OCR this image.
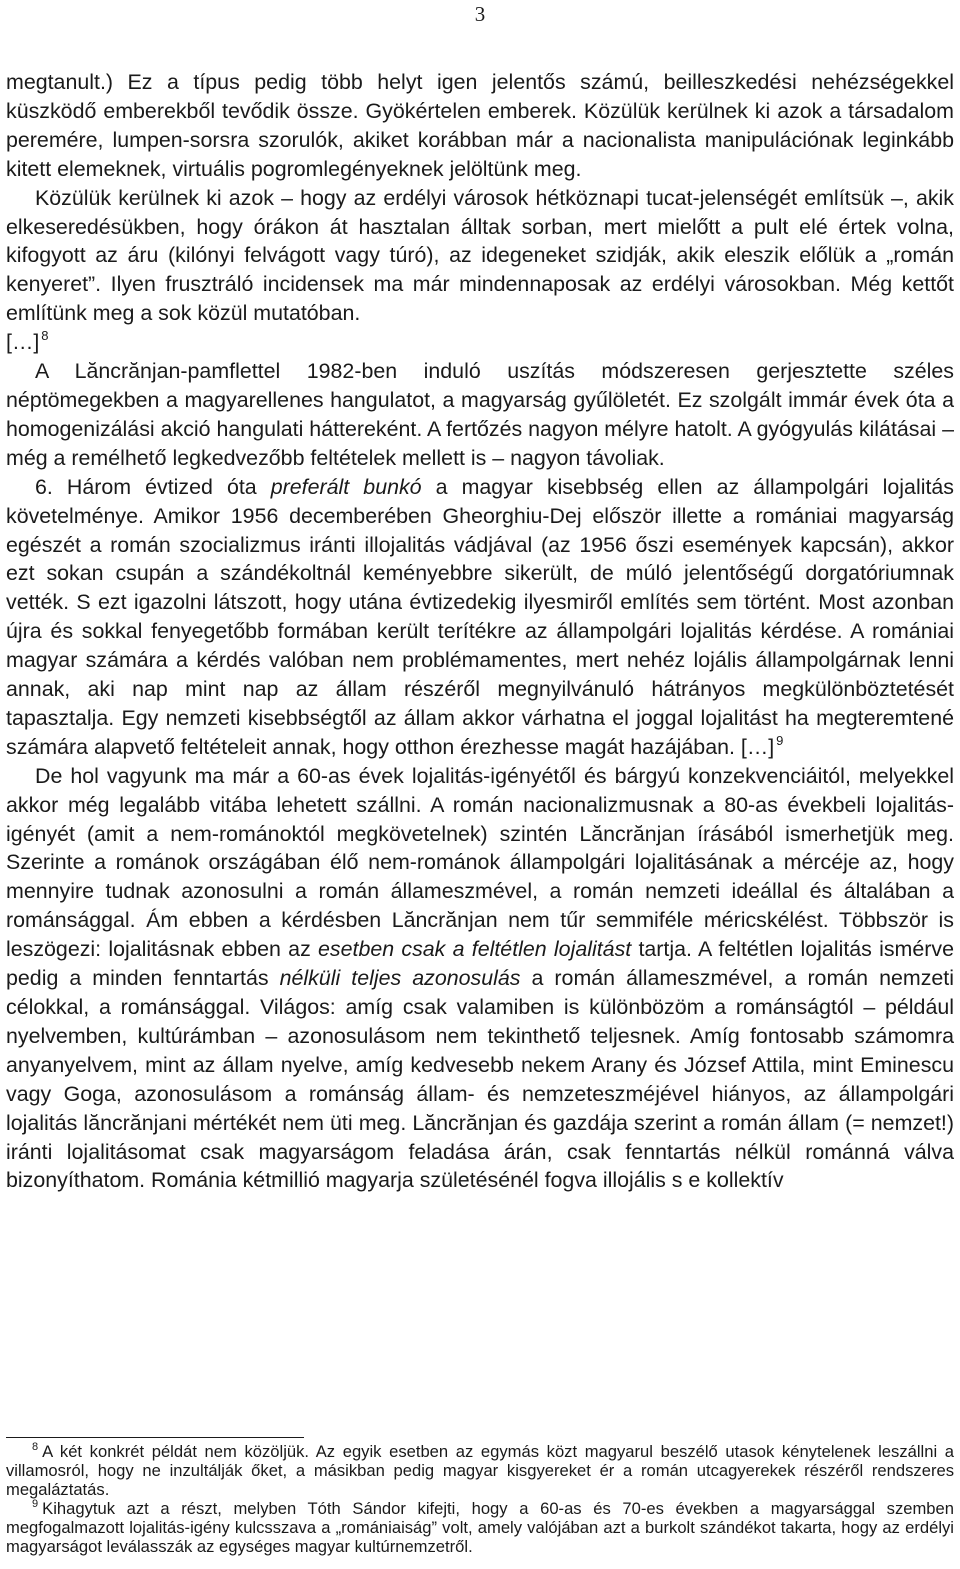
3

megtanult.) Ez a típus pedig több helyt igen jelentős számú, beilleszkedési nehézségekkel küszködő emberekből tevődik össze. Gyökértelen emberek. Közülük kerülnek ki azok a társadalom peremére, lumpen-sorsra szorulók, akiket korábban már a nacionalista manipulációnak leginkább kitett elemeknek, virtuális pogromlegényeknek jelöltünk meg.

Közülük kerülnek ki azok – hogy az erdélyi városok hétköznapi tucat-jelenségét említsük –, akik elkeseredésükben, hogy órákon át hasztalan álltak sorban, mert mielőtt a pult elé értek volna, kifogyott az áru (kilónyi felvágott vagy túró), az idegeneket szidják, akik eleszik előlük a „román kenyeret”. Ilyen frusztráló incidensek ma már mindennaposak az erdélyi városokban. Még kettőt említünk meg a sok közül mutatóban.

[…] $^8$

A Lăncrănjan-pamflettel 1982-ben induló uszítás módszeresen gerjesztette széles néptömegekben a magyarellenes hangulatot, a magyarság gyűlöletét. Ez szolgált immár évek óta a homogenizálási akció hangulati háttereként. A fertőzés nagyon mélyre hatolt. A gyógyulás kilátásai – még a remélhető legkedvezőbb feltételek mellett is – nagyon távoliak.

6. Három évtized óta preferált bunkó a magyar kisebbség ellen az állampolgári lojalitás követelménye. Amikor 1956 decemberében Gheorghiu-Dej először illette a romániai magyarság egészét a román szocializmus iránti illojalitás vádjával (az 1956 őszi események kapcsán), akkor ezt sokan csupán a szándékoltnál keményebbre sikerült, de múló jelentőségű dorgatóriumnak vették. S ezt igazolni látszott, hogy utána évtizedekig ilyesmiről említés sem történt. Most azonban újra és sokkal fenyegetőbb formában került terítékre az állampolgári lojalitás kérdése. A romániai magyar számára a kérdés valóban nem problémamentes, mert nehéz lojális állampolgárnak lenni annak, aki nap mint nap az állam részéről megnyilvánuló hátrányos megkülönböztetését tapasztalja. Egy nemzeti kisebbségtől az állam akkor várhatna el joggal lojalitást ha megteremtené számára alapvető feltételeit annak, hogy otthon érezhesse magát hazájában. […] $^9$

De hol vagyunk ma már a 60-as évek lojalitás-igényétől és bárgyú konzekvenciáitól, melyekkel akkor még legalább vitába lehetett szállni. A román nacionalizmusnak a 80-as évekbeli lojalitás-igényét (amit a nem-románoktól megkövetelnek) szintén Lăncrănjan írásából ismerhetjük meg. Szerinte a románok országában élő nem-románok állampolgári lojalitásának a mércéje az, hogy mennyire tudnak azonosulni a román állameszmével, a román nemzeti ideállal és általában a románsággal. Ám ebben a kérdésben Lăncrănjan nem tűr semmiféle méricskélést. Többször is leszögezi: lojalitásnak ebben az esetben csak a feltétlen lojalitást tartja. A feltétlen lojalitás ismérve pedig a minden fenntartás nélküli teljes azonosulás a román állameszmével, a román nemzeti célokkal, a románsággal. Világos: amíg csak valamiben is különbözöm a románságtól – például nyelvemben, kultúrámban – azonosulásom nem tekinthető teljesnek. Amíg fontosabb számomra anyanyelvem, mint az állam nyelve, amíg kedvesebb nekem Arany és József Attila, mint Eminescu vagy Goga, azonosulásom a románság állam- és nemzeteszméjével hiányos, az állampolgári lojalitás lăncrănjani mértékét nem üti meg. Lăncrănjan és gazdája szerint a román állam (= nemzet!) iránti lojalitásomat csak magyarságom feladása árán, csak fenntartás nélkül románná válva bizonyíthatom. Románia kétmillió magyarja születésénél fogva illojális s e kollektív

$^8$ A két konkrét példát nem közöljük. Az egyik esetben az egymás közt magyarul beszélő utasok kénytelenek leszállni a villamosról, hogy ne inzultálják őket, a másikban pedig magyar kisgyereket ér a román utcagyerekek részéről rendszeres megaláztatás.

$^9$ Kihagytuk azt a részt, melyben Tóth Sándor kifejti, hogy a 60-as és 70-es években a magyarsággal szemben megfogalmazott lojalitás-igény kulcsszava a „romániaiság” volt, amely valójában azt a burkolt szándékot takarta, hogy az erdélyi magyarságot leválasszák az egységes magyar kultúrnemzetről.
